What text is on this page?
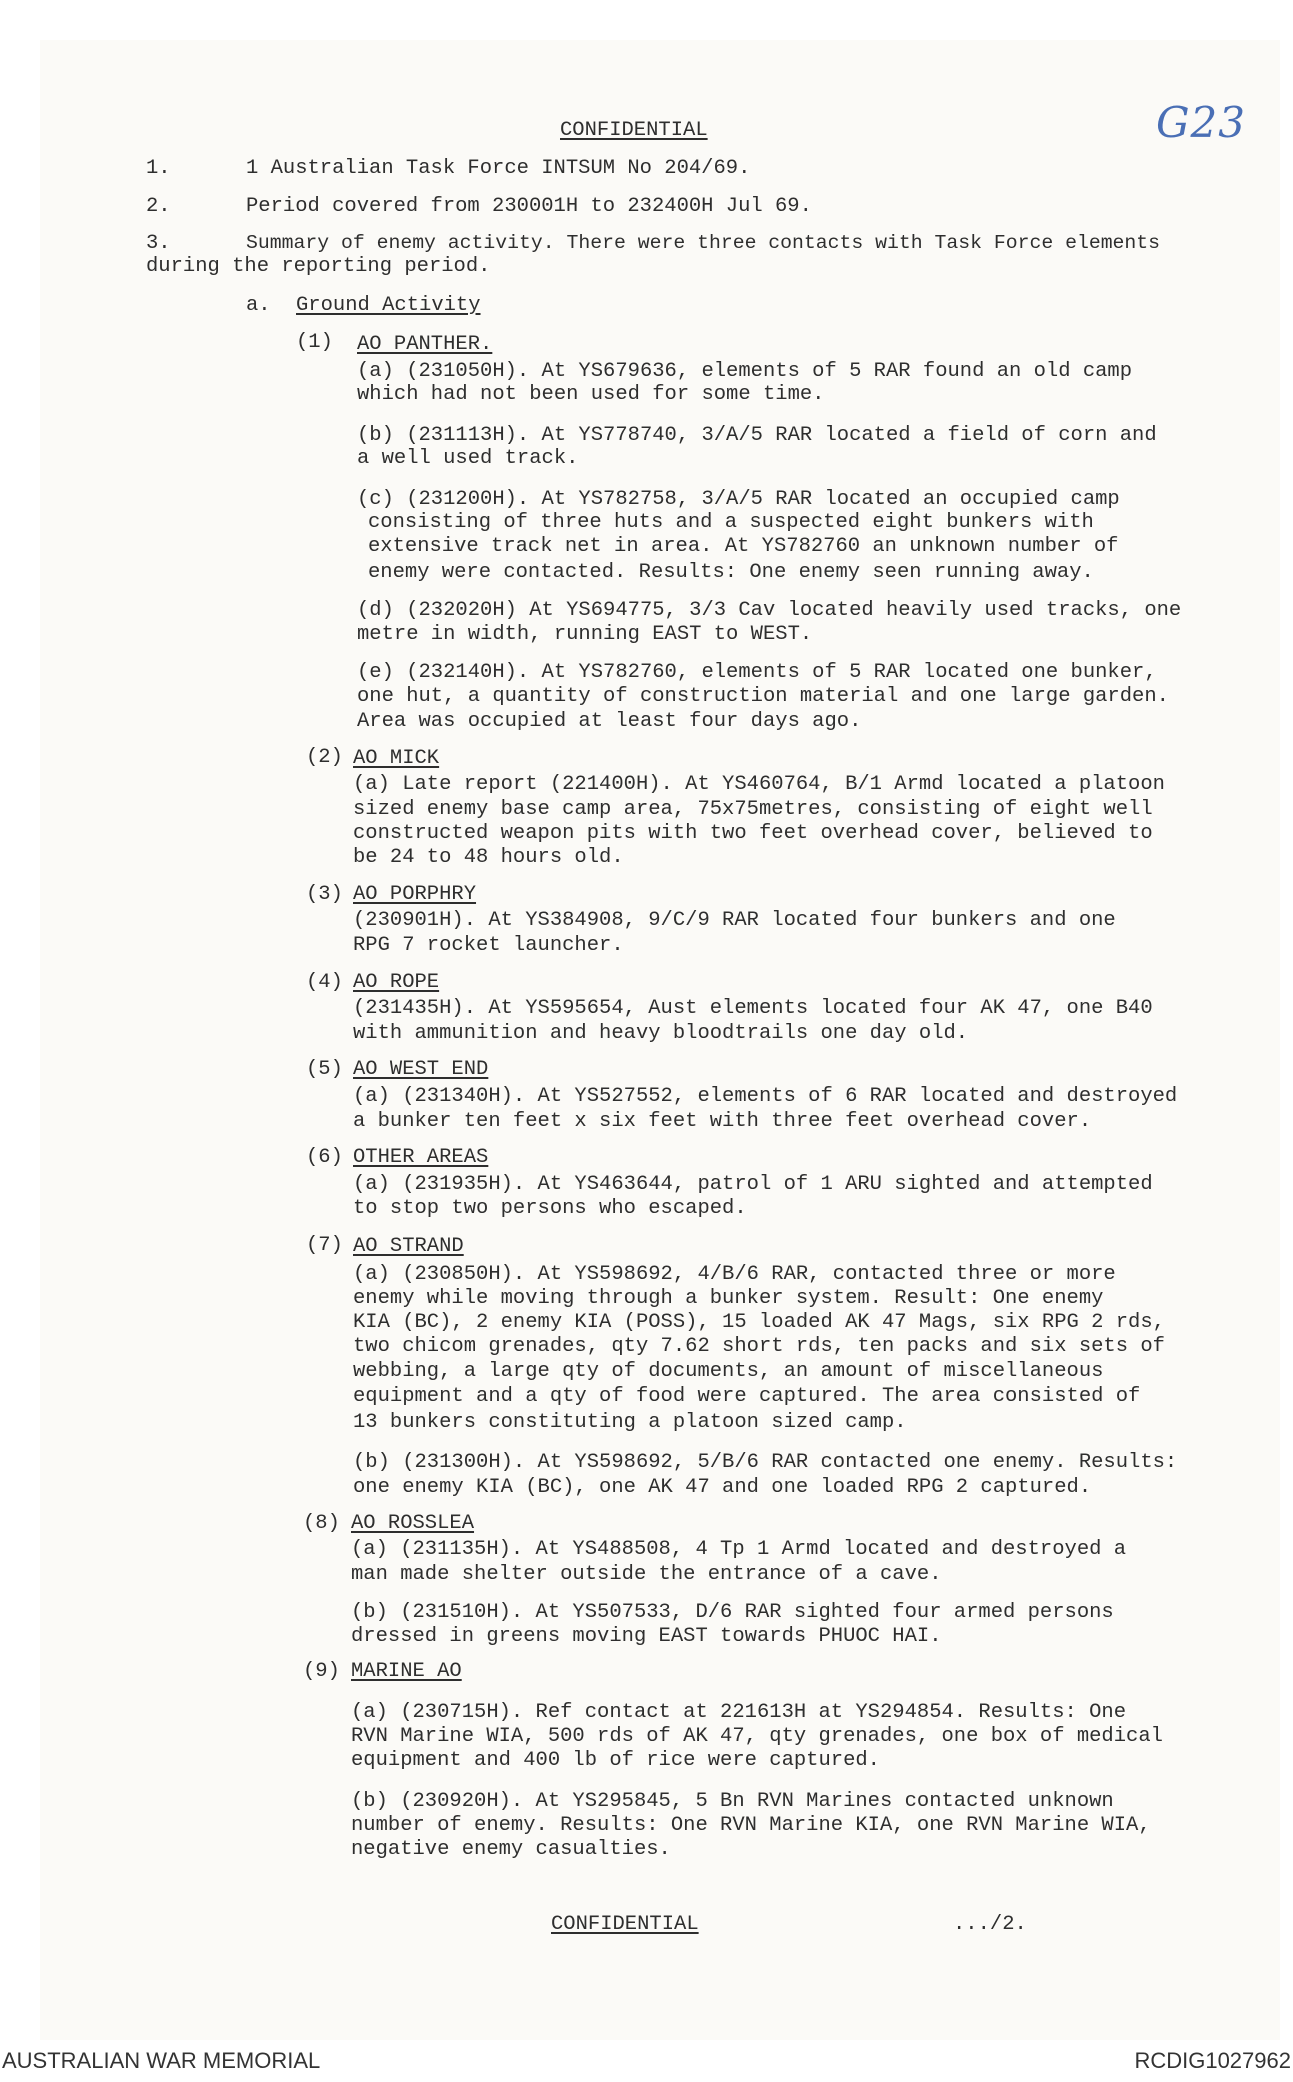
CONFIDENTIAL	G23
1.	1 Australian Task Force INTSUM No 204/69.
2.	Period covered from 230001H to 232400H Jul 69.
3.	Summary of enemy activity. There were three contacts with Task Force elements
during the reporting period.
a. Ground Activity
(1) AO PANTHER.
(a) (231050H). At YS679636, elements of 5 RAR found an old camp
which had not been used for some time.
(b) (231113H). At YS778740, 3/A/5 RAR located a field of corn and
a well used track.
(c) (231200H). At YS782758, 3/A/5 RAR located an occupied camp
consisting of three huts and a suspected eight bunkers with
extensive track net in area. At YS782760 an unknown number of
enemy were contacted. Results: One enemy seen running away.
(d) (232020H) At YS694775, 3/3 Cav located heavily used tracks, one
metre in width, running EAST to WEST.
(e) (232140H). At YS782760, elements of 5 RAR located one bunker,
one hut, a quantity of construction material and one large garden.
Area was occupied at least four days ago.
(2) AO MICK
(a) Late report (221400H). At YS460764, B/1 Armd located a platoon
sized enemy base camp area, 75x75metres, consisting of eight well
constructed weapon pits with two feet overhead cover, believed to
be 24 to 48 hours old.
(3) AO PORPHRY
(230901H). At YS384908, 9/C/9 RAR located four bunkers and one
RPG 7 rocket launcher.
(4) AO ROPE
(231435H). At YS595654, Aust elements located four AK 47, one B40
with ammunition and heavy bloodtrails one day old.
(5) AO WEST END
(a) (231340H). At YS527552, elements of 6 RAR located and destroyed
a bunker ten feet x six feet with three feet overhead cover.
(6) OTHER AREAS
(a) (231935H). At YS463644, patrol of 1 ARU sighted and attempted
to stop two persons who escaped.
(7) AO STRAND
(a) (230850H). At YS598692, 4/B/6 RAR, contacted three or more
enemy while moving through a bunker system. Result: One enemy
KIA (BC), 2 enemy KIA (POSS), 15 loaded AK 47 Mags, six RPG 2 rds,
two chicom grenades, qty 7.62 short rds, ten packs and six sets of
webbing, a large qty of documents, an amount of miscellaneous
equipment and a qty of food were captured. The area consisted of
13 bunkers constituting a platoon sized camp.
(b) (231300H). At YS598692, 5/B/6 RAR contacted one enemy. Results:
one enemy KIA (BC), one AK 47 and one loaded RPG 2 captured.
(8) AO ROSSLEA
(a) (231135H). At YS488508, 4 Tp 1 Armd located and destroyed a
man made shelter outside the entrance of a cave.
(b) (231510H). At YS507533, D/6 RAR sighted four armed persons
dressed in greens moving EAST towards PHUOC HAI.
(9) MARINE AO
(a) (230715H). Ref contact at 221613H at YS294854. Results: One
RVN Marine WIA, 500 rds of AK 47, qty grenades, one box of medical
equipment and 400 lb of rice were captured.
(b) (230920H). At YS295845, 5 Bn RVN Marines contacted unknown
number of enemy. Results: One RVN Marine KIA, one RVN Marine WIA,
negative enemy casualties.
CONFIDENTIAL	.../2.
AUSTRALIAN WAR MEMORIAL	RCDIG1027962
